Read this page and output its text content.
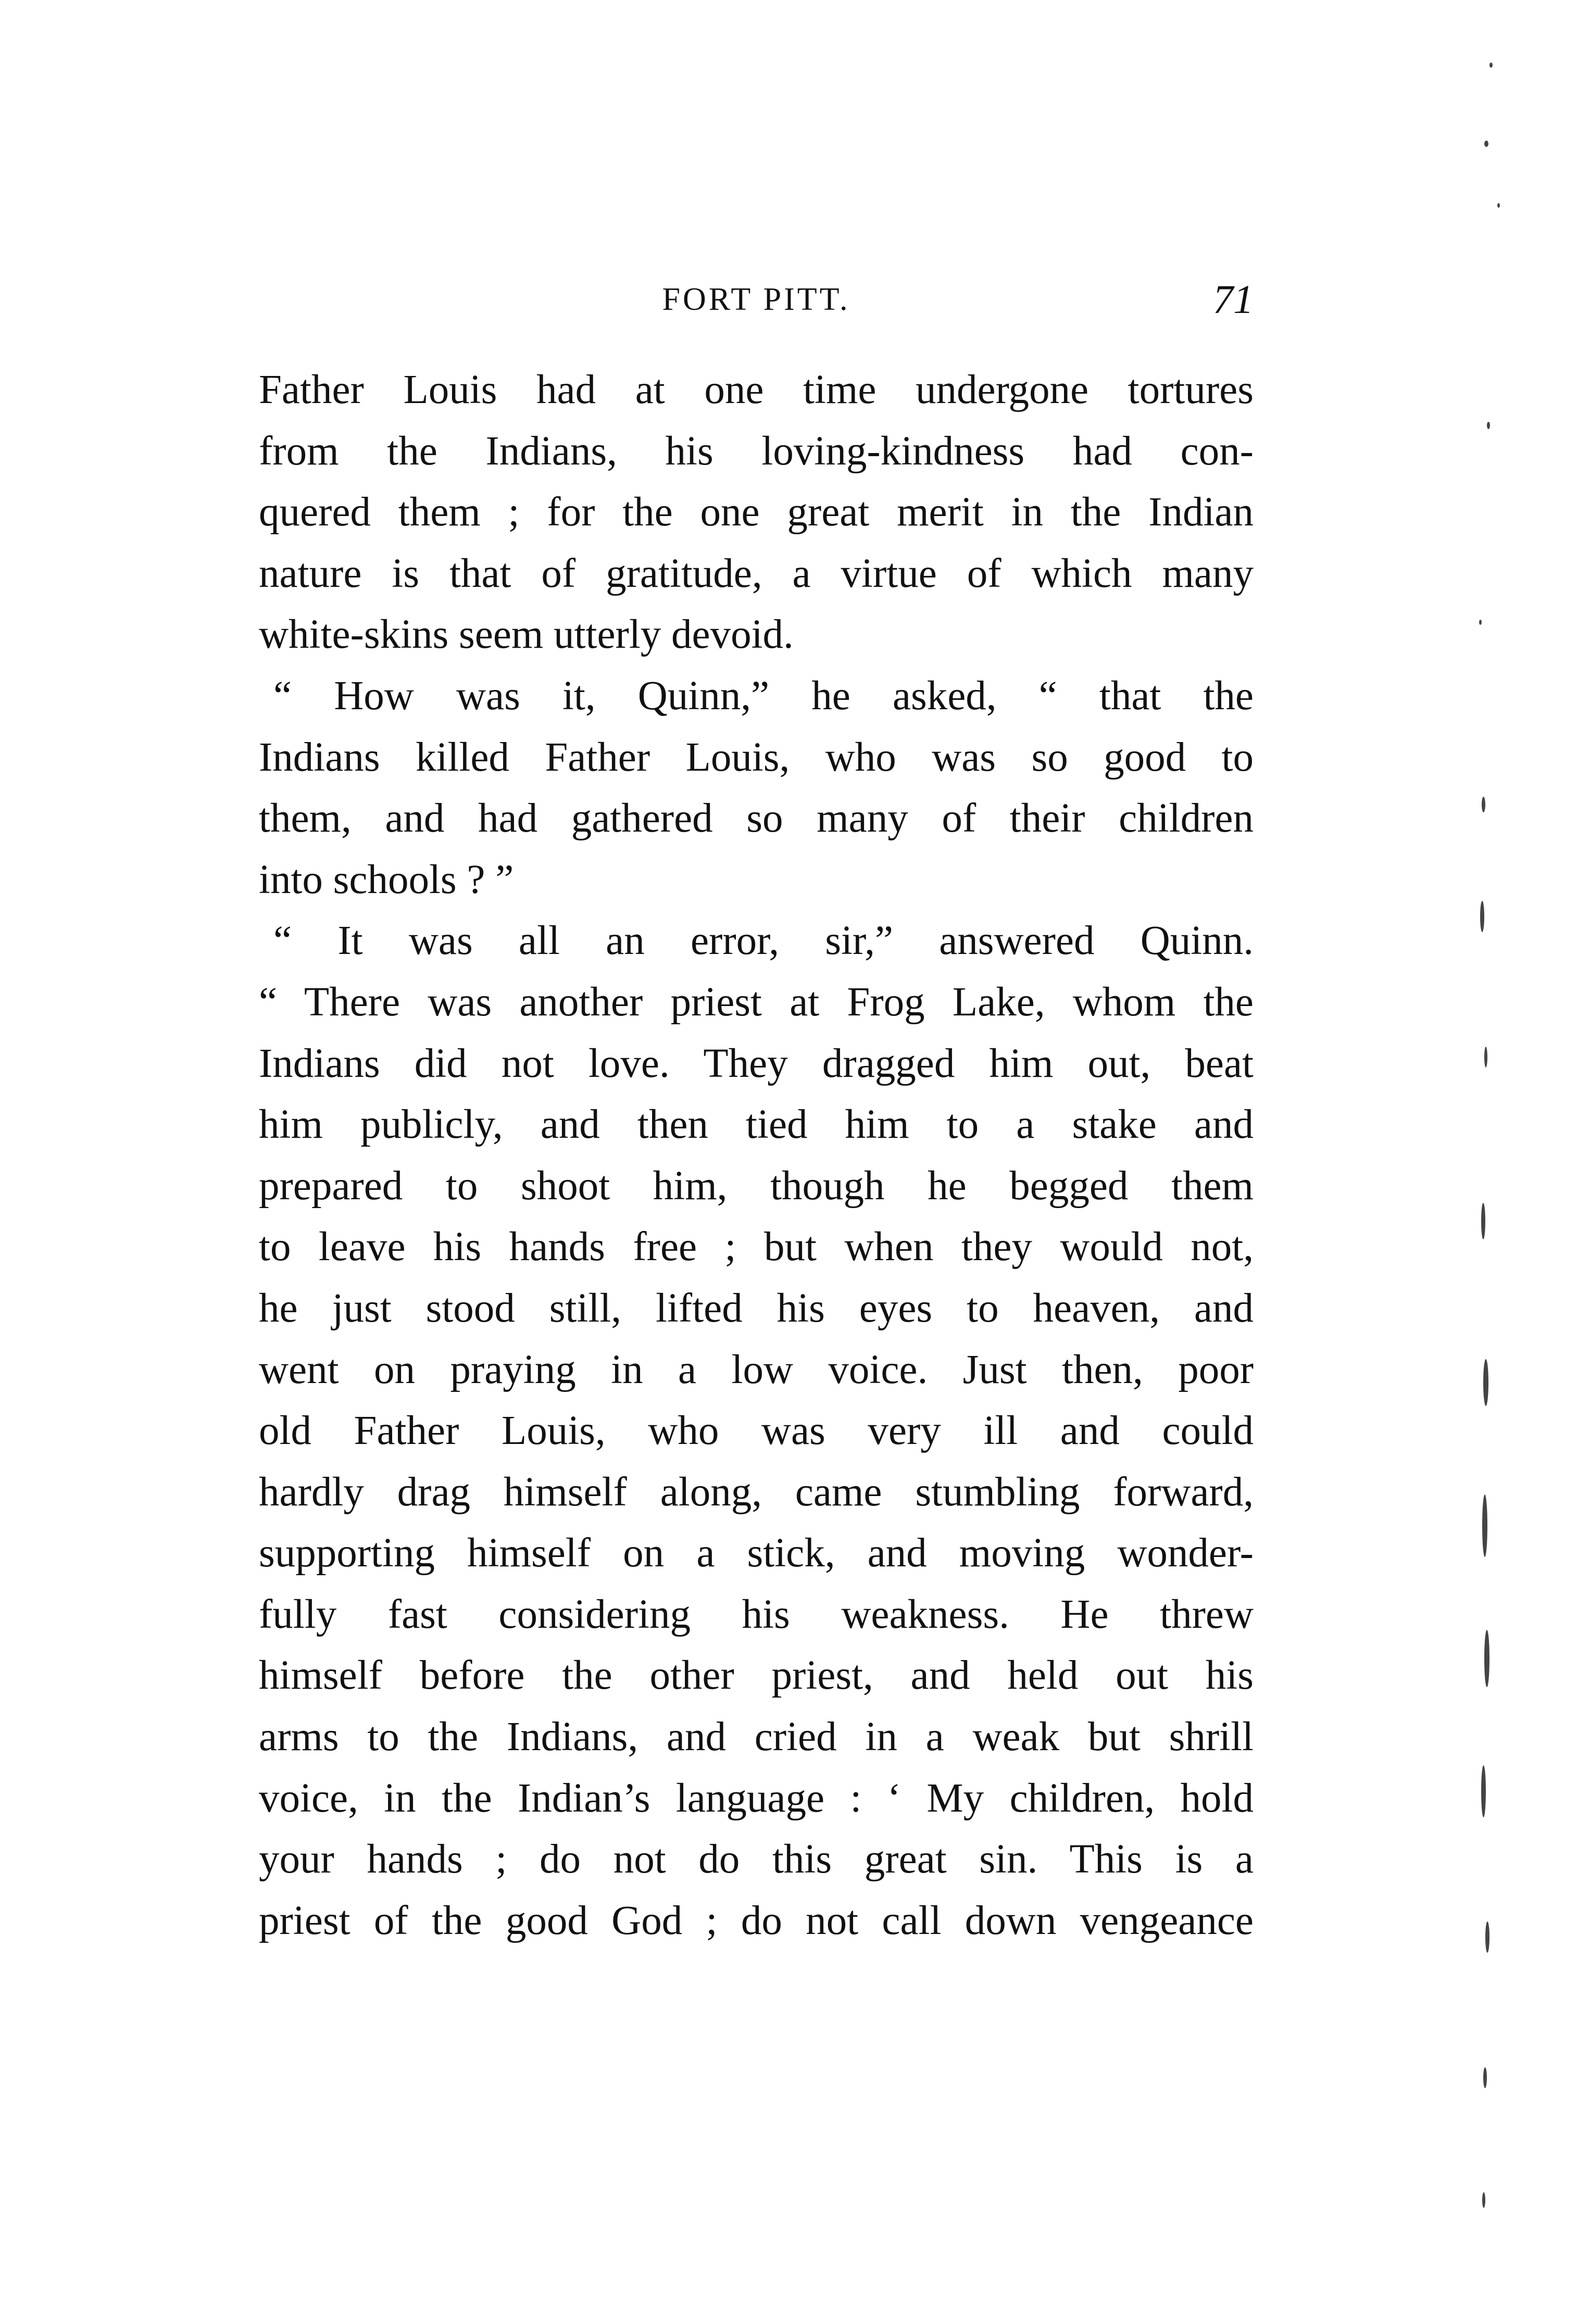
FORT PITT.	71
Father Louis had at one time undergone tortures
from the Indians, his loving-kindness had con-
quered them ; for the one great merit in the Indian
nature is that of gratitude, a virtue of which many
white-skins seem utterly devoid.
“ How was it, Quinn,” he asked, “ that the
Indians killed Father Louis, who was so good to
them, and had gathered so many of their children
into schools ? ”
“ It was all an error, sir,” answered Quinn.
“ There was another priest at Frog Lake, whom the
Indians did not love. They dragged him out, beat
him publicly, and then tied him to a stake and
prepared to shoot him, though he begged them
to leave his hands free ; but when they would not,
he just stood still, lifted his eyes to heaven, and
went on praying in a low voice. Just then, poor
old Father Louis, who was very ill and could
hardly drag himself along, came stumbling forward,
supporting himself on a stick, and moving wonder-
fully fast considering his weakness. He threw
himself before the other priest, and held out his
arms to the Indians, and cried in a weak but shrill
voice, in the Indian’s language : ‘ My children, hold
your hands ; do not do this great sin. This is a
priest of the good God ; do not call down vengeance
